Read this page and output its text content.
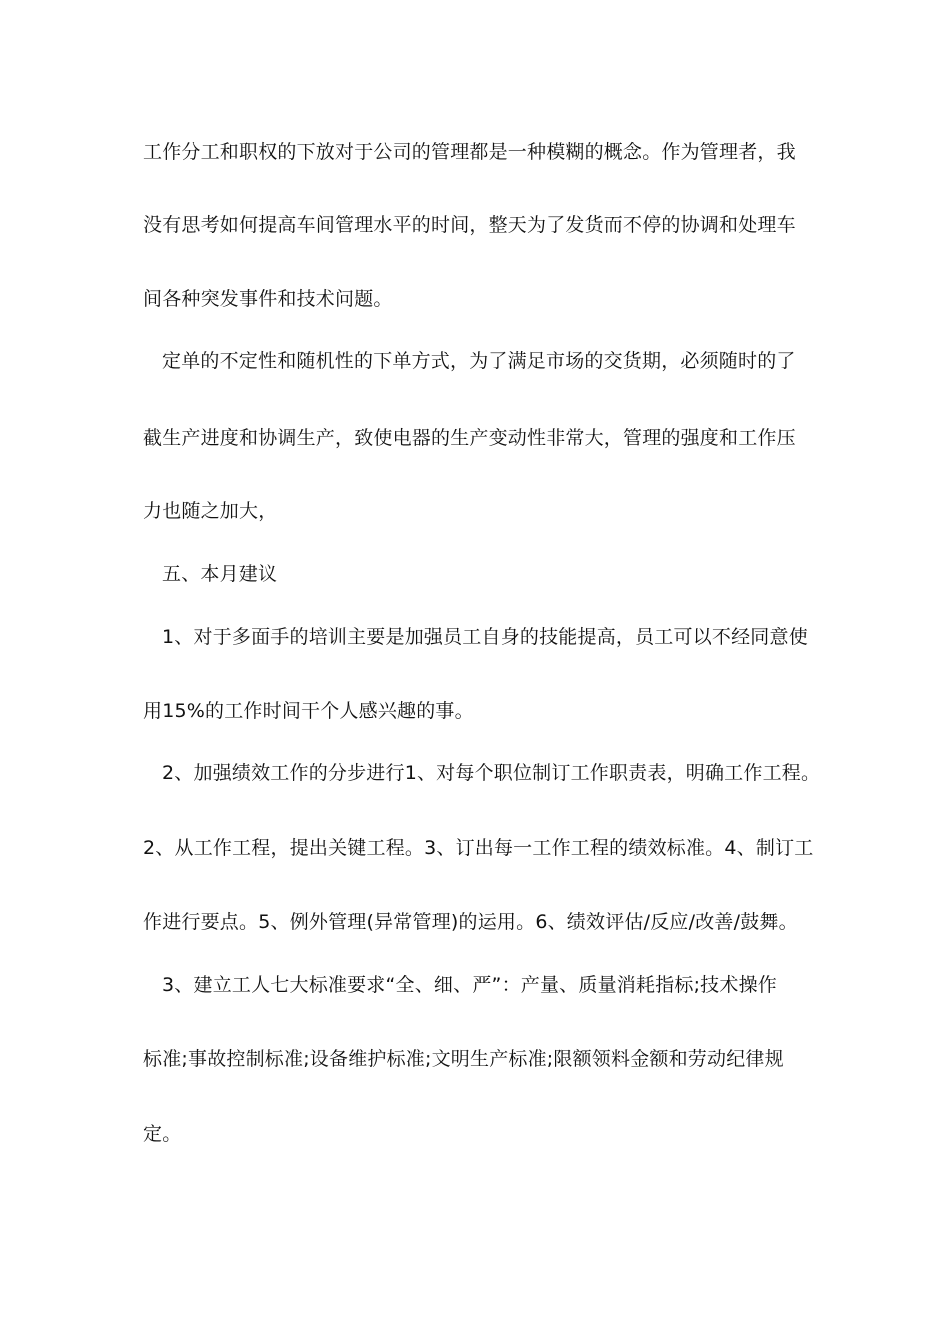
工作分工和职权的下放对于公司的管理都是一种模糊的概念。作为管理者，我
没有思考如何提高车间管理水平的时间，整天为了发货而不停的协调和处理车
间各种突发事件和技术问题。
定单的不定性和随机性的下单方式，为了满足市场的交货期，必须随时的了
截生产进度和协调生产，致使电器的生产变动性非常大，管理的强度和工作压
力也随之加大，
五、本月建议
1、对于多面手的培训主要是加强员工自身的技能提高，员工可以不经同意使
用15%的工作时间干个人感兴趣的事。
2、加强绩效工作的分步进行1、对每个职位制订工作职责表，明确工作工程。
2、从工作工程，提出关键工程。3、订出每一工作工程的绩效标准。4、制订工
作进行要点。5、例外管理(异常管理)的运用。6、绩效评估/反应/改善/鼓舞。
3、建立工人七大标准要求“全、细、严”：产量、质量消耗指标;技术操作
标准;事故控制标准;设备维护标准;文明生产标准;限额领料金额和劳动纪律规
定。
